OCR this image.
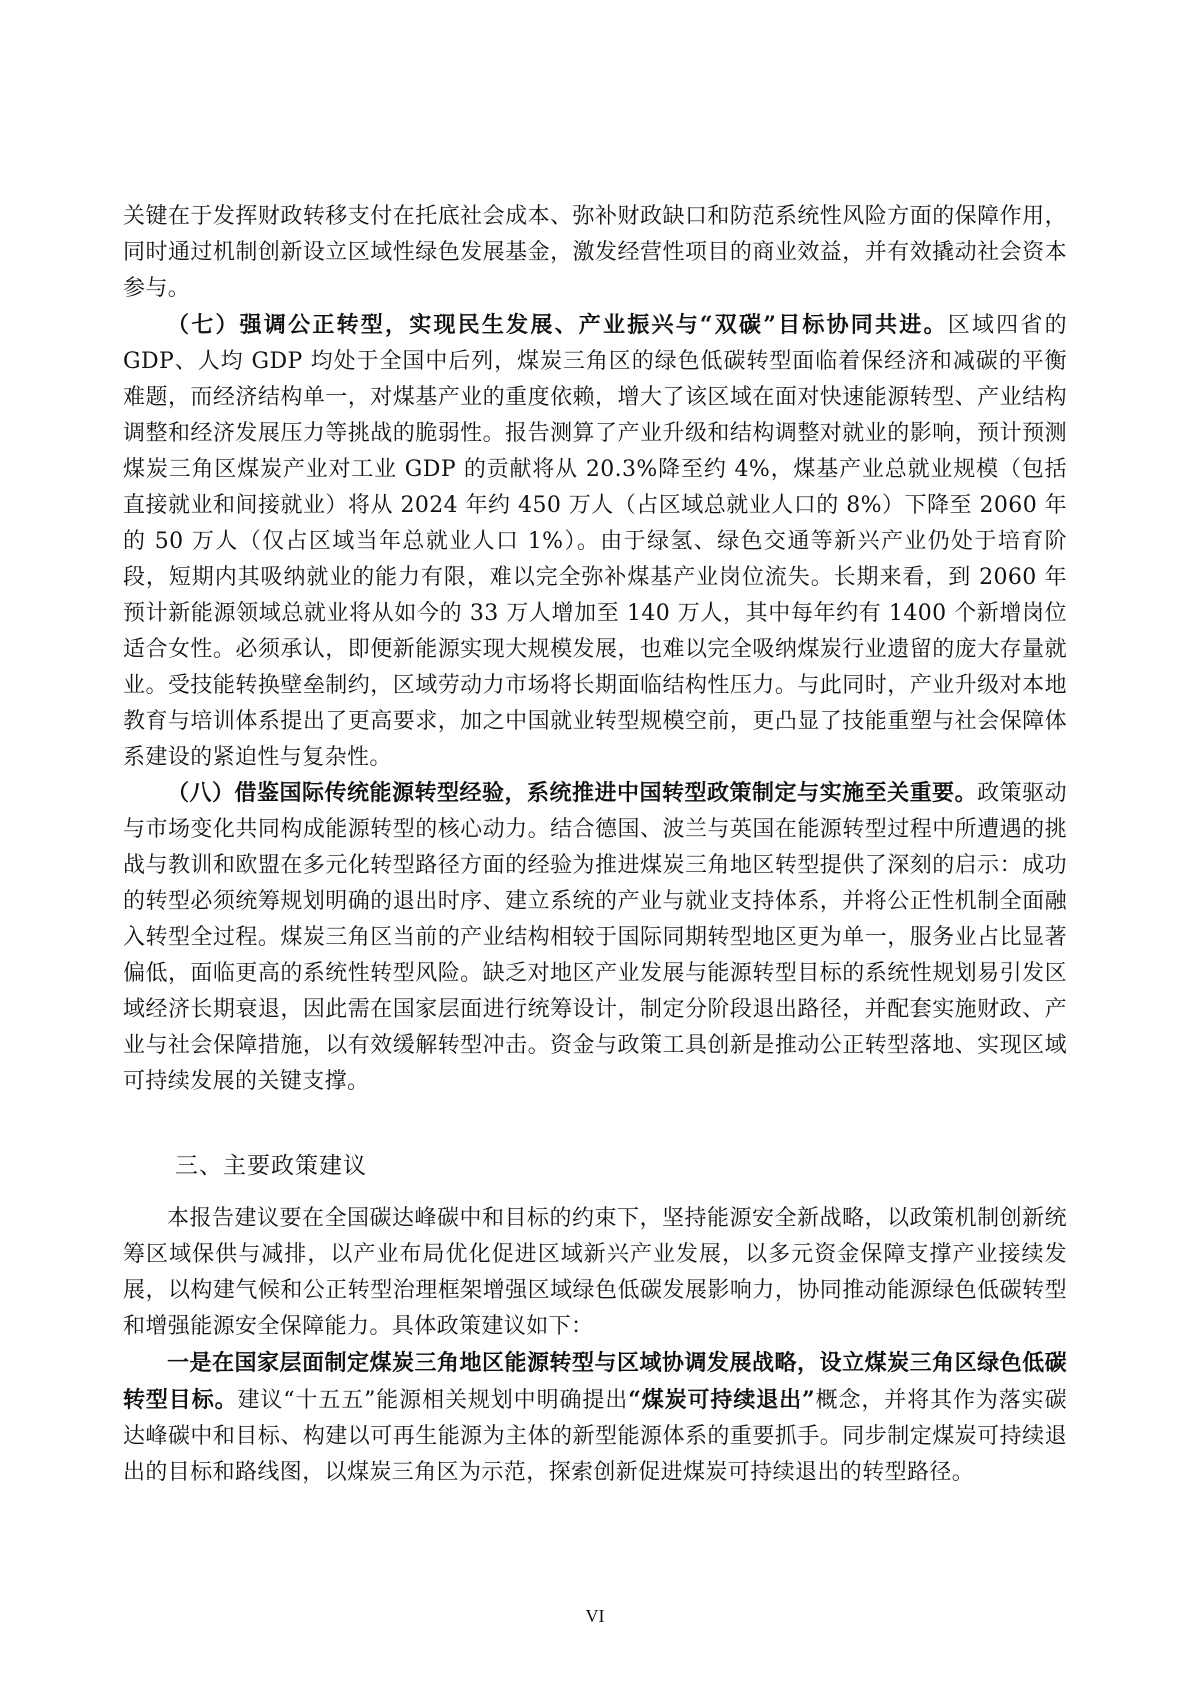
关键在于发挥财政转移支付在托底社会成本、弥补财政缺口和防范系统性风险方面的保障作用，同时通过机制创新设立区域性绿色发展基金，激发经营性项目的商业效益，并有效撬动社会资本参与。

（七）强调公正转型，实现民生发展、产业振兴与“双碳”目标协同共进。区域四省的 GDP、人均 GDP 均处于全国中后列，煤炭三角区的绿色低碳转型面临着保经济和减碳的平衡难题，而经济结构单一，对煤基产业的重度依赖，增大了该区域在面对快速能源转型、产业结构调整和经济发展压力等挑战的脆弱性。报告测算了产业升级和结构调整对就业的影响，预计预测煤炭三角区煤炭产业对工业 GDP 的贡献将从 20.3%降至约 4%，煤基产业总就业规模（包括直接就业和间接就业）将从 2024 年约 450 万人（占区域总就业人口的 8%）下降至 2060 年的 50 万人（仅占区域当年总就业人口 1%）。由于绿氢、绿色交通等新兴产业仍处于培育阶段，短期内其吸纳就业的能力有限，难以完全弥补煤基产业岗位流失。长期来看，到 2060 年预计新能源领域总就业将从如今的 33 万人增加至 140 万人，其中每年约有 1400 个新增岗位适合女性。必须承认，即便新能源实现大规模发展，也难以完全吸纳煤炭行业遗留的庞大存量就业。受技能转换壁垒制约，区域劳动力市场将长期面临结构性压力。与此同时，产业升级对本地教育与培训体系提出了更高要求，加之中国就业转型规模空前，更凸显了技能重塑与社会保障体系建设的紧迫性与复杂性。

（八）借鉴国际传统能源转型经验，系统推进中国转型政策制定与实施至关重要。政策驱动与市场变化共同构成能源转型的核心动力。结合德国、波兰与英国在能源转型过程中所遭遇的挑战与教训和欧盟在多元化转型路径方面的经验为推进煤炭三角地区转型提供了深刻的启示：成功的转型必须统筹规划明确的退出时序、建立系统的产业与就业支持体系，并将公正性机制全面融入转型全过程。煤炭三角区当前的产业结构相较于国际同期转型地区更为单一，服务业占比显著偏低，面临更高的系统性转型风险。缺乏对地区产业发展与能源转型目标的系统性规划易引发区域经济长期衰退，因此需在国家层面进行统筹设计，制定分阶段退出路径，并配套实施财政、产业与社会保障措施，以有效缓解转型冲击。资金与政策工具创新是推动公正转型落地、实现区域可持续发展的关键支撑。

三、主要政策建议

本报告建议要在全国碳达峰碳中和目标的约束下，坚持能源安全新战略，以政策机制创新统筹区域保供与减排，以产业布局优化促进区域新兴产业发展，以多元资金保障支撑产业接续发展，以构建气候和公正转型治理框架增强区域绿色低碳发展影响力，协同推动能源绿色低碳转型和增强能源安全保障能力。具体政策建议如下：

一是在国家层面制定煤炭三角地区能源转型与区域协调发展战略，设立煤炭三角区绿色低碳转型目标。建议“十五五”能源相关规划中明确提出“煤炭可持续退出”概念，并将其作为落实碳达峰碳中和目标、构建以可再生能源为主体的新型能源体系的重要抓手。同步制定煤炭可持续退出的目标和路线图，以煤炭三角区为示范，探索创新促进煤炭可持续退出的转型路径。

VI
